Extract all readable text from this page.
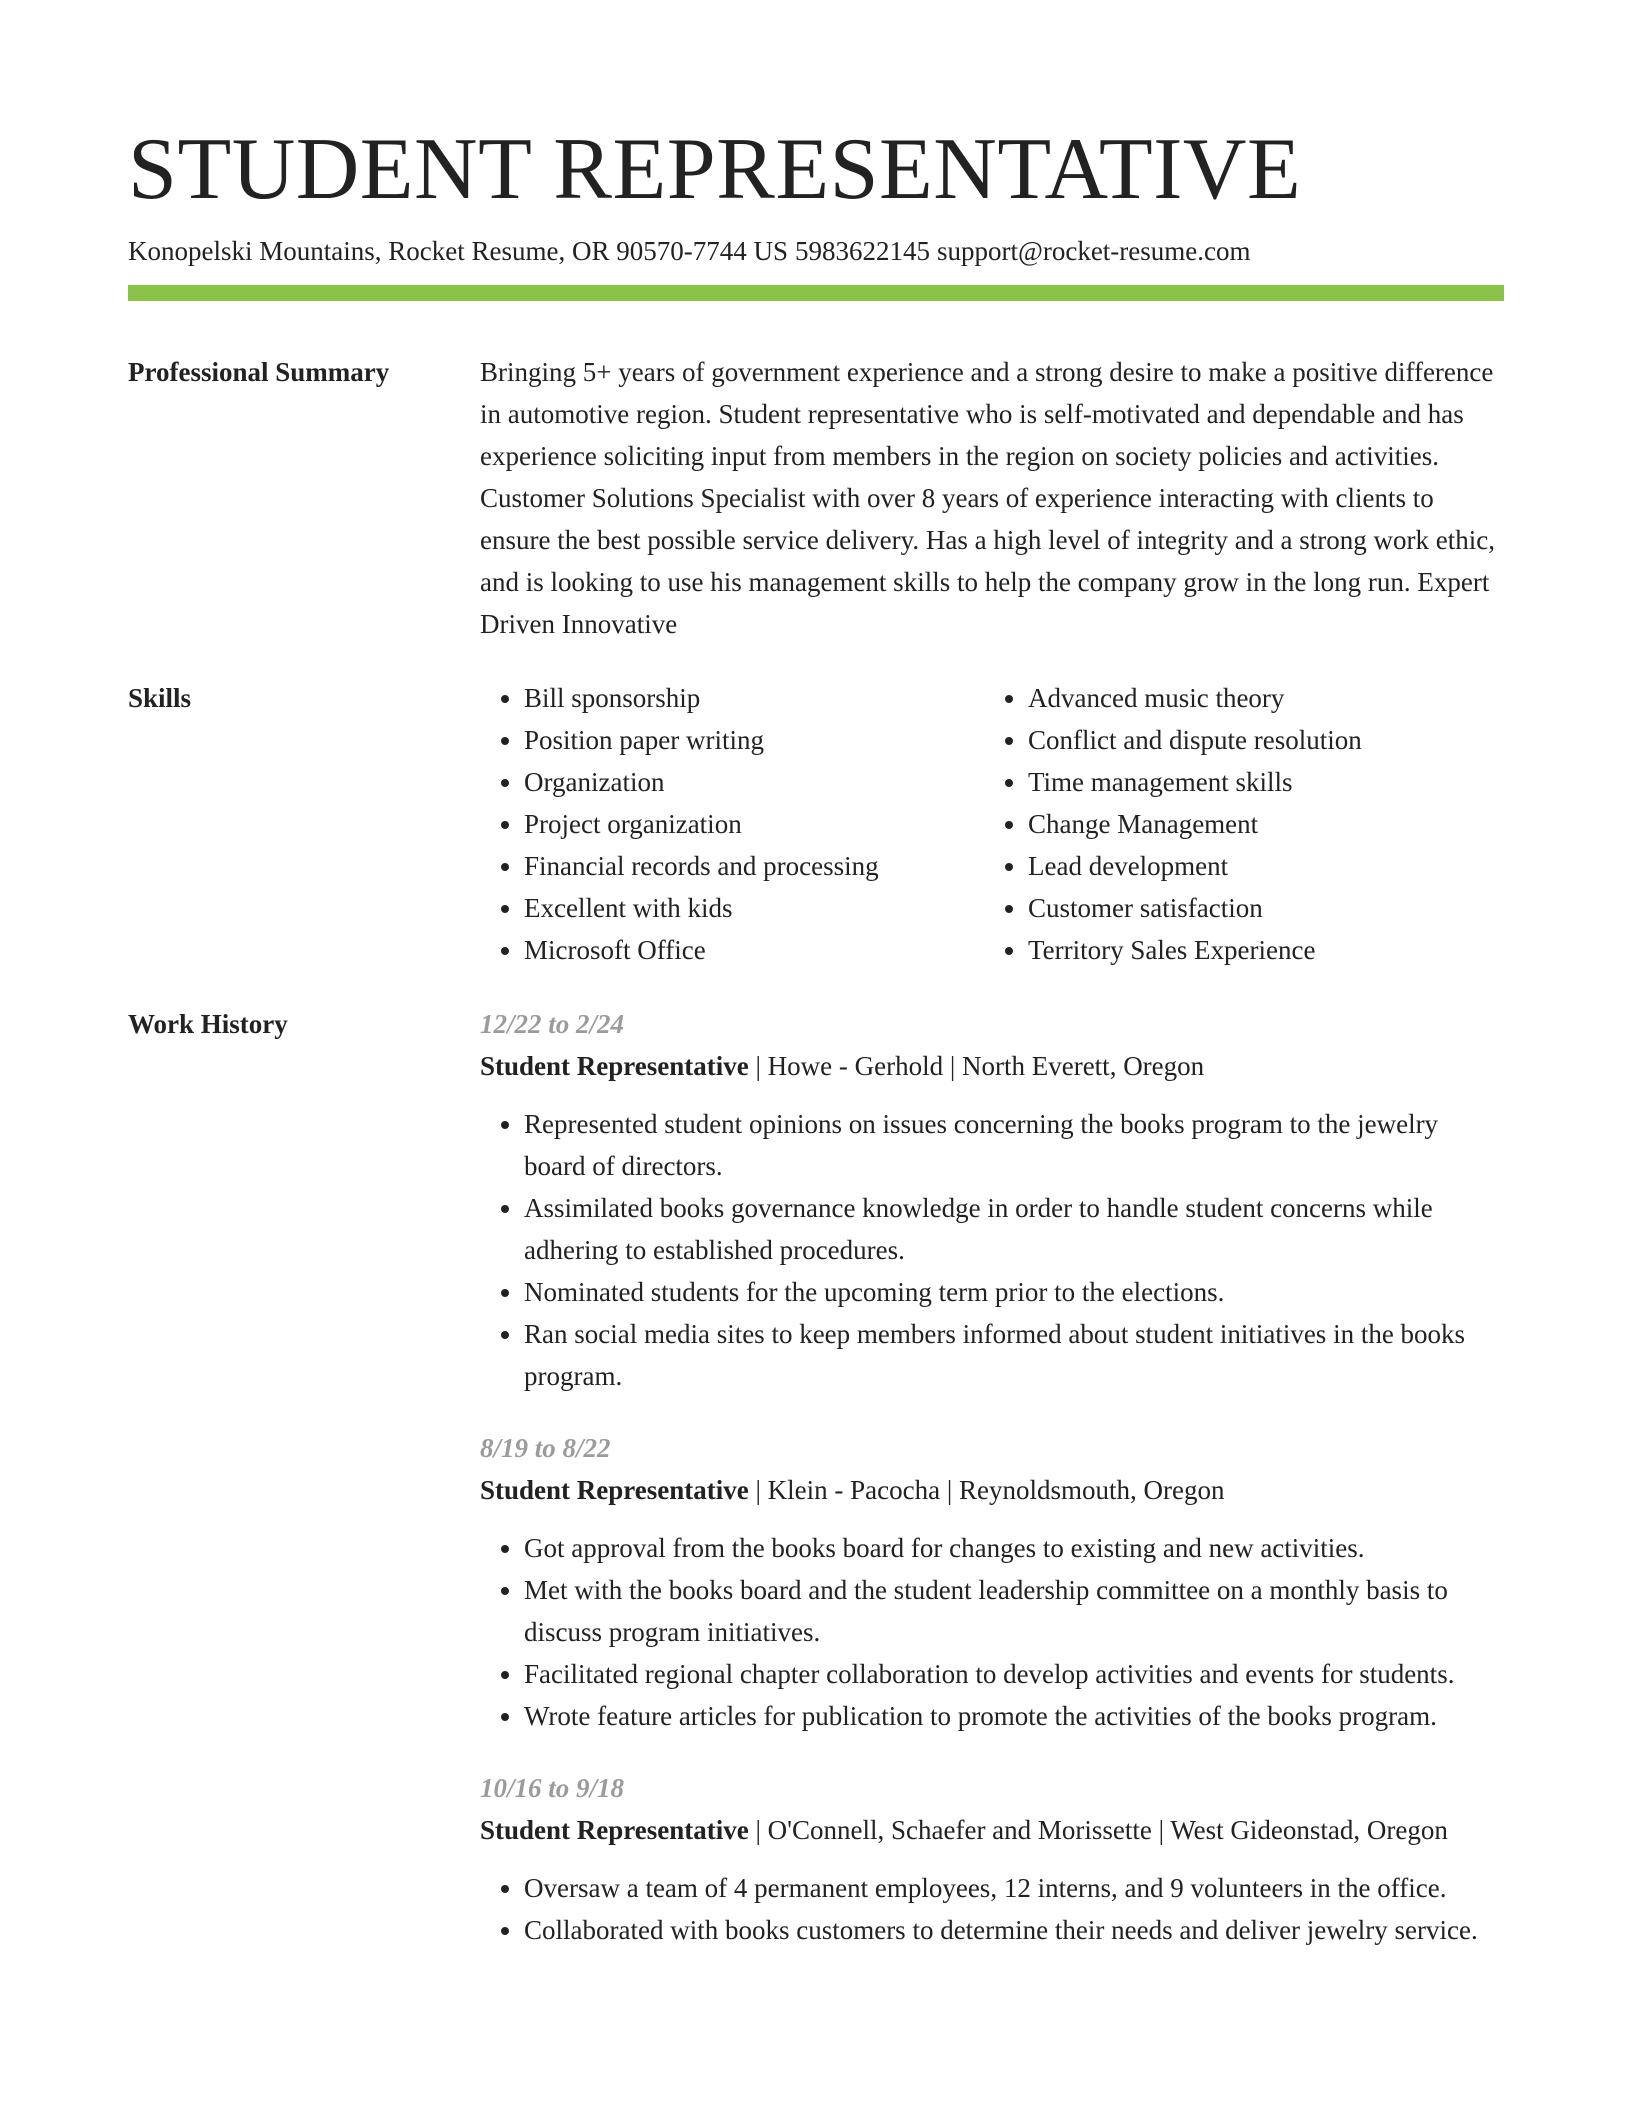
STUDENT REPRESENTATIVE
Konopelski Mountains, Rocket Resume, OR 90570-7744 US 5983622145 support@rocket-resume.com
Professional Summary	Bringing 5+ years of government experience and a strong desire to make a positive difference in automotive region. Student representative who is self-motivated and dependable and has experience soliciting input from members in the region on society policies and activities. Customer Solutions Specialist with over 8 years of experience interacting with clients to ensure the best possible service delivery. Has a high level of integrity and a strong work ethic, and is looking to use his management skills to help the company grow in the long run. Expert Driven Innovative

Skills
•	Bill sponsorship
• Position paper writing
• Organization
• Project organization
• Financial records and processing
• Excellent with kids
• Microsoft Office
• Advanced music theory
• Conflict and dispute resolution
• Time management skills
• Change Management
• Lead development
• Customer satisfaction
• Territory Sales Experience
Work History	12/22 to 2/24
Student Representative | Howe - Gerhold | North Everett, Oregon
• Represented student opinions on issues concerning the books program to the jewelry board of directors.
• Assimilated books governance knowledge in order to handle student concerns while adhering to established procedures.
• Nominated students for the upcoming term prior to the elections.
• Ran social media sites to keep members informed about student initiatives in the books program.
8/19 to 8/22
Student Representative | Klein - Pacocha | Reynoldsmouth, Oregon
• Got approval from the books board for changes to existing and new activities.
• Met with the books board and the student leadership committee on a monthly basis to discuss program initiatives.
• Facilitated regional chapter collaboration to develop activities and events for students.
• Wrote feature articles for publication to promote the activities of the books program.
10/16 to 9/18
Student Representative | O'Connell, Schaefer and Morissette | West Gideonstad, Oregon
• Oversaw a team of 4 permanent employees, 12 interns, and 9 volunteers in the office.
• Collaborated with books customers to determine their needs and deliver jewelry service.
